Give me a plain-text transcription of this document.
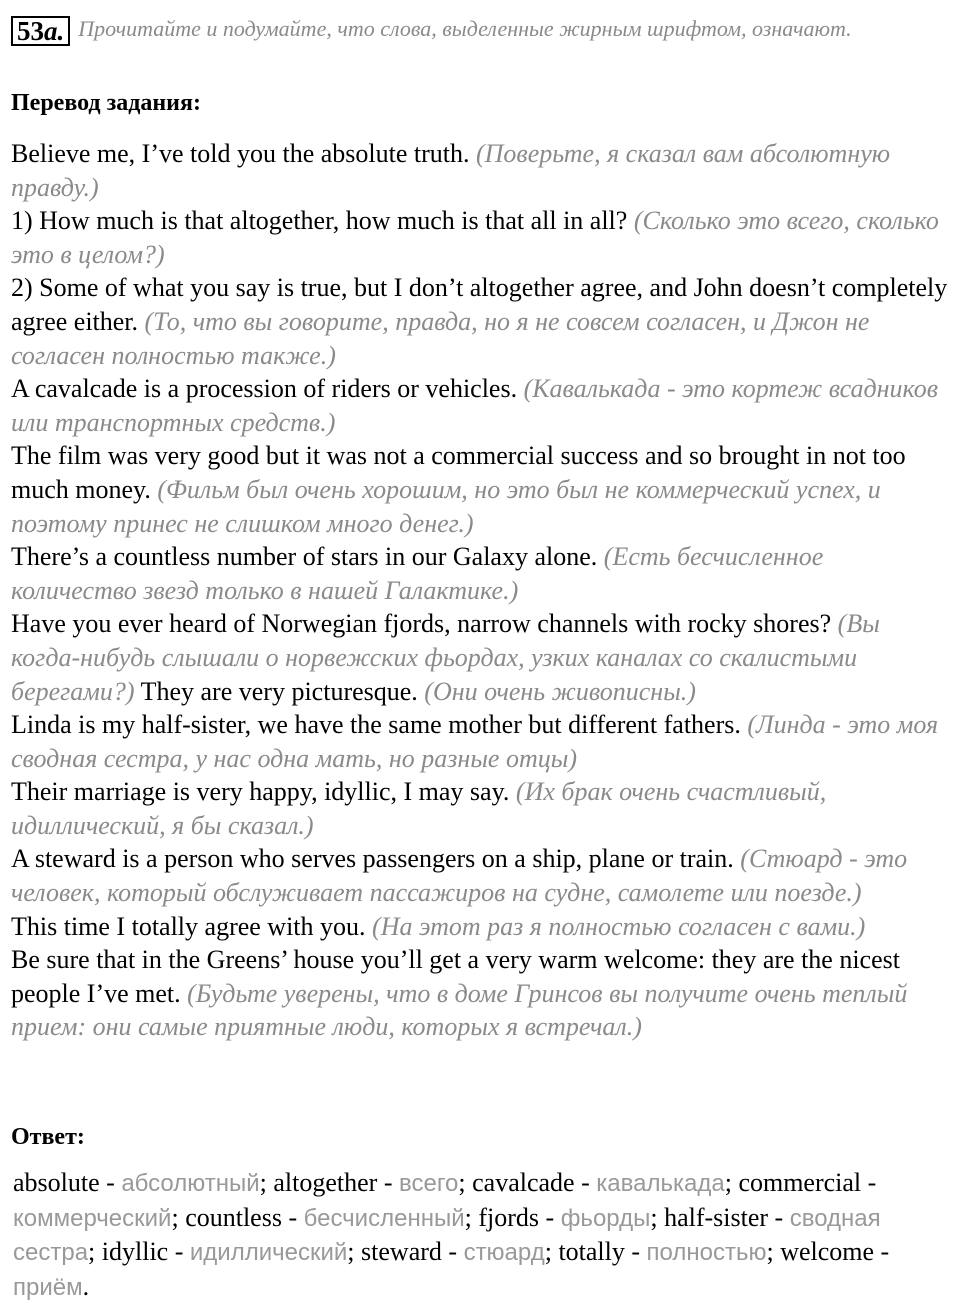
53a. Прочитайте и подумайте, что слова, выделенные жирным шрифтом, означают.
Перевод задания:

Believe me, I’ve told you the absolute truth. (Поверьте, я сказал вам абсолютную правду.)

1) How much is that altogether, how much is that all in all? (Сколько это всего, сколько это в целом?)

2) Some of what you say is true, but I don’t altogether agree, and John doesn’t completely agree either. (То, что вы говорите, правда, но я не совсем согласен, и Джон не согласен полностью также.)

A cavalcade is a procession of riders or vehicles. (Кавалькада - это кортеж всадников или транспортных средств.)

The film was very good but it was not a commercial success and so brought in not too much money. (Фильм был очень хорошим, но это был не коммерческий успех, и поэтому принес не слишком много денег.)

There’s a countless number of stars in our Galaxy alone. (Есть бесчисленное количество звезд только в нашей Галактике.)

Have you ever heard of Norwegian fjords, narrow channels with rocky shores? (Вы когда-нибудь слышали о норвежских фьордах, узких каналах со скалистыми берегами?) They are very picturesque. (Они очень живописны.)

Linda is my half-sister, we have the same mother but different fathers. (Линда - это моя сводная сестра, у нас одна мать, но разные отцы)

Their marriage is very happy, idyllic, I may say. (Их брак очень счастливый, идиллический, я бы сказал.)

A steward is a person who serves passengers on a ship, plane or train. (Стюард - это человек, который обслуживает пассажиров на судне, самолете или поезде.)

This time I totally agree with you. (На этот раз я полностью согласен с вами.)

Be sure that in the Greens’ house you’ll get a very warm welcome: they are the nicest people I’ve met. (Будьте уверены, что в доме Гринсов вы получите очень теплый прием: они самые приятные люди, которых я встречал.)

Ответ:
absolute - абсолютный; altogether - всего; cavalcade - кавалькада; commercial - коммерческий; countless - бесчисленный; fjords - фьорды; half-sister - сводная сестра; idyllic - идиллический; steward - стюард; totally - полностью; welcome - приём.
